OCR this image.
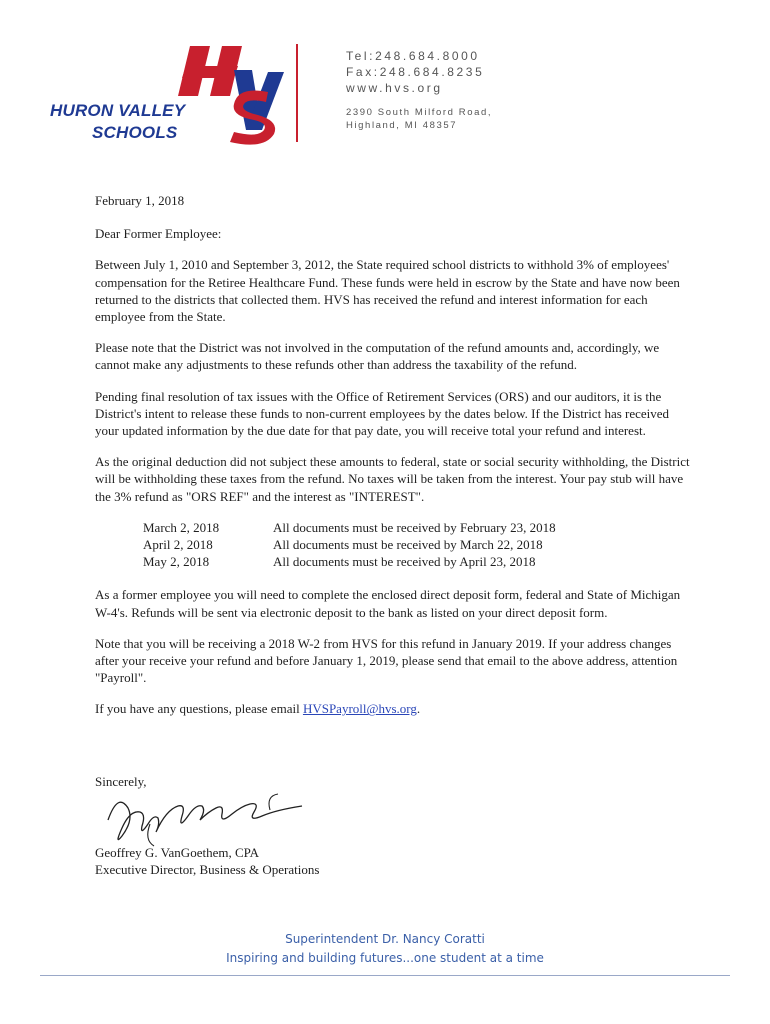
HURON VALLEY
SCHOOLS
Tel:248.684.8000
Fax:248.684.8235
www.hvs.org
2390 South Milford Road,
Highland, MI 48357

February 1, 2018

Dear Former Employee:

Between July 1, 2010 and September 3, 2012, the State required school districts to withhold 3% of employees' compensation for the Retiree Healthcare Fund. These funds were held in escrow by the State and have now been returned to the districts that collected them. HVS has received the refund and interest information for each employee from the State.

Please note that the District was not involved in the computation of the refund amounts and, accordingly, we cannot make any adjustments to these refunds other than address the taxability of the refund.

Pending final resolution of tax issues with the Office of Retirement Services (ORS) and our auditors, it is the District's intent to release these funds to non-current employees by the dates below. If the District has received your updated information by the due date for that pay date, you will receive total your refund and interest.

As the original deduction did not subject these amounts to federal, state or social security withholding, the District will be withholding these taxes from the refund. No taxes will be taken from the interest. Your pay stub will have the 3% refund as "ORS REF" and the interest as "INTEREST".

March 2, 2018	All documents must be received by February 23, 2018
April 2, 2018	All documents must be received by March 22, 2018
May 2, 2018	All documents must be received by April 23, 2018

As a former employee you will need to complete the enclosed direct deposit form, federal and State of Michigan W-4's. Refunds will be sent via electronic deposit to the bank as listed on your direct deposit form.

Note that you will be receiving a 2018 W-2 from HVS for this refund in January 2019. If your address changes after your receive your refund and before January 1, 2019, please send that email to the above address, attention "Payroll".

If you have any questions, please email HVSPayroll@hvs.org.

Sincerely,
Geoffrey G. VanGoethem, CPA
Executive Director, Business & Operations
Superintendent Dr. Nancy Coratti
Inspiring and building futures...one student at a time
